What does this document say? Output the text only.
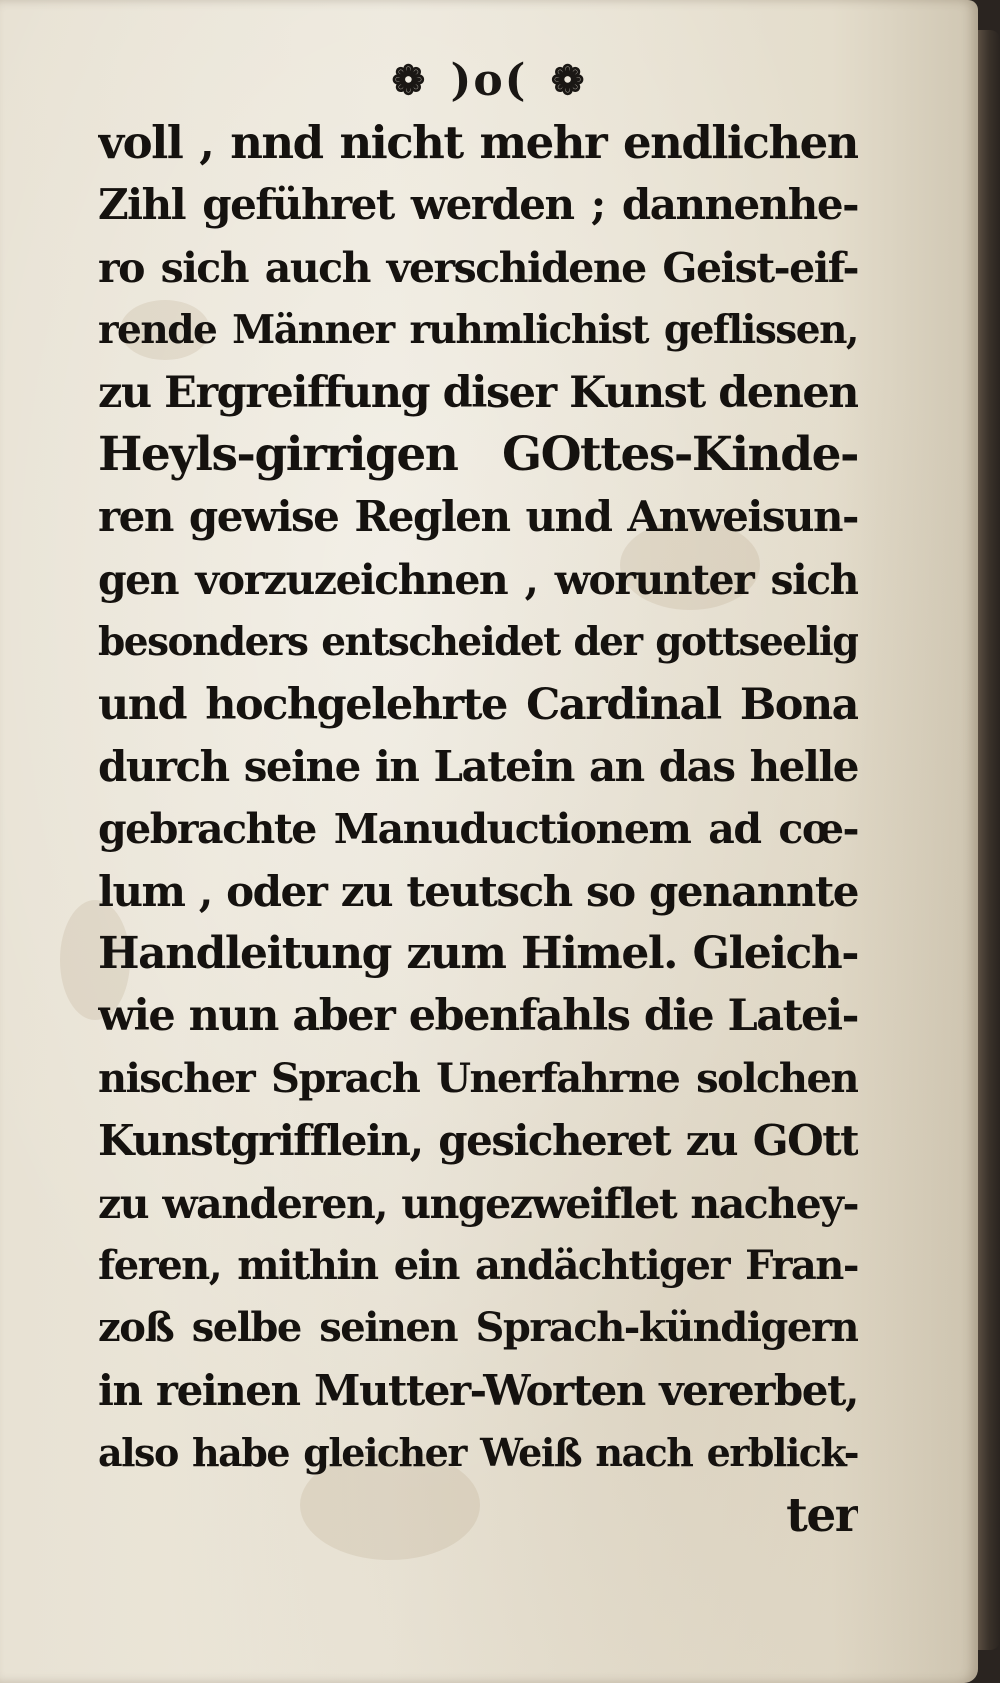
❁ )o( ❁
voll , nnd nicht mehr endlichen
Zihl geführet werden ; dannenhe-
ro sich auch verschidene Geist-eif-
rende Männer ruhmlichist geflissen,
zu Ergreiffung diser Kunst denen
Heyls-girrigen GOttes-Kinde-
ren gewise Reglen und Anweisun-
gen vorzuzeichnen , worunter sich
besonders entscheidet der gottseelig
und hochgelehrte Cardinal Bona
durch seine in Latein an das helle
gebrachte Manuductionem ad cœ-
lum , oder zu teutsch so genannte
Handleitung zum Himel. Gleich-
wie nun aber ebenfahls die Latei-
nischer Sprach Unerfahrne solchen
Kunstgrifflein, gesicheret zu GOtt
zu wanderen, ungezweiflet nachey-
feren, mithin ein andächtiger Fran-
zoß selbe seinen Sprach-kündigern
in reinen Mutter-Worten vererbet,
also habe gleicher Weiß nach erblick-
ter
